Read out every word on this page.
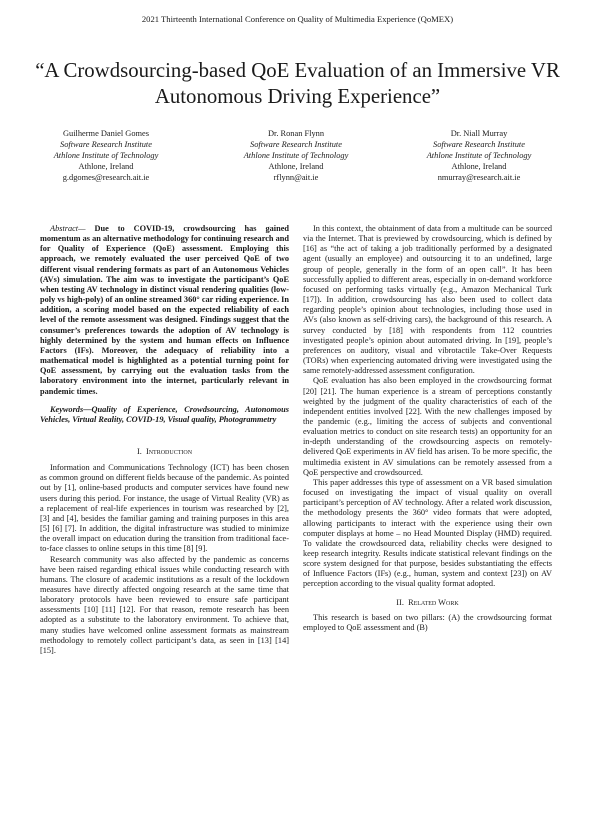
2021 Thirteenth International Conference on Quality of Multimedia Experience (QoMEX)
“A Crowdsourcing-based QoE Evaluation of an Immersive VR Autonomous Driving Experience”
Guilherme Daniel Gomes
Software Research Institute
Athlone Institute of Technology
Athlone, Ireland
g.dgomes@research.ait.ie
Dr. Ronan Flynn
Software Research Institute
Athlone Institute of Technology
Athlone, Ireland
rflynn@ait.ie
Dr. Niall Murray
Software Research Institute
Athlone Institute of Technology
Athlone, Ireland
nmurray@research.ait.ie

Abstract— Due to COVID-19, crowdsourcing has gained momentum as an alternative methodology for continuing research and for Quality of Experience (QoE) assessment. Employing this approach, we remotely evaluated the user perceived QoE of two different visual rendering formats as part of an Autonomous Vehicles (AVs) simulation. The aim was to investigate the participant’s QoE when testing AV technology in distinct visual rendering qualities (low-poly vs high-poly) of an online streamed 360° car riding experience. In addition, a scoring model based on the expected reliability of each level of the remote assessment was designed. Findings suggest that the consumer’s preferences towards the adoption of AV technology is highly determined by the system and human effects on Influence Factors (IFs). Moreover, the adequacy of reliability into a mathematical model is highlighted as a potential turning point for QoE assessment, by carrying out the evaluation tasks from the laboratory environment into the internet, particularly relevant in pandemic times.

Keywords—Quality of Experience, Crowdsourcing, Autonomous Vehicles, Virtual Reality, COVID-19, Visual quality, Photogrammetry

I. Introduction

Information and Communications Technology (ICT) has been chosen as common ground on different fields because of the pandemic. As pointed out by [1], online-based products and computer services have found new users during this period. For instance, the usage of Virtual Reality (VR) as a replacement of real-life experiences in tourism was researched by [2], [3] and [4], besides the familiar gaming and training purposes in this area [5] [6] [7]. In addition, the digital infrastructure was studied to minimize the overall impact on education during the transition from traditional face-to-face classes to online setups in this time [8] [9].

Research community was also affected by the pandemic as concerns have been raised regarding ethical issues while conducting research with humans. The closure of academic institutions as a result of the lockdown measures have directly affected ongoing research at the same time that laboratory protocols have been reviewed to ensure safe participant assessments [10] [11] [12]. For that reason, remote research has been adopted as a substitute to the laboratory environment. To achieve that, many studies have welcomed online assessment formats as mainstream methodology to remotely collect participant’s data, as seen in [13] [14] [15].

In this context, the obtainment of data from a multitude can be sourced via the Internet. That is previewed by crowdsourcing, which is defined by [16] as “the act of taking a job traditionally performed by a designated agent (usually an employee) and outsourcing it to an undefined, large group of people, generally in the form of an open call”. It has been successfully applied to different areas, especially in on-demand workforce focused on performing tasks virtually (e.g., Amazon Mechanical Turk [17]). In addition, crowdsourcing has also been used to collect data regarding people’s opinion about technologies, including those used in AVs (also known as self-driving cars), the background of this research. A survey conducted by [18] with respondents from 112 countries investigated people’s opinion about automated driving. In [19], people’s preferences on auditory, visual and vibrotactile Take-Over Requests (TORs) when experiencing automated driving were investigated using the same remotely-addressed assessment configuration.

QoE evaluation has also been employed in the crowdsourcing format [20] [21]. The human experience is a stream of perceptions constantly weighted by the judgment of the quality characteristics of each of the independent entities involved [22]. With the new challenges imposed by the pandemic (e.g., limiting the access of subjects and conventional evaluation metrics to conduct on site research tests) an opportunity for an in-depth understanding of the crowdsourcing aspects on remotely-delivered QoE experiments in AV field has arisen. To be more specific, the multimedia existent in AV simulations can be remotely assessed from a QoE perspective and crowdsourced.

This paper addresses this type of assessment on a VR based simulation focused on investigating the impact of visual quality on overall participant’s perception of AV technology. After a related work discussion, the methodology presents the 360° video formats that were adopted, allowing participants to interact with the experience using their own computer displays at home – no Head Mounted Display (HMD) required. To validate the crowdsourced data, reliability checks were designed to keep research integrity. Results indicate statistical relevant findings on the score system designed for that purpose, besides substantiating the effects of Influence Factors (IFs) (e.g., human, system and context [23]) on AV perception according to the visual quality format adopted.

II. Related Work

This research is based on two pillars: (A) the crowdsourcing format employed to QoE assessment and (B)
